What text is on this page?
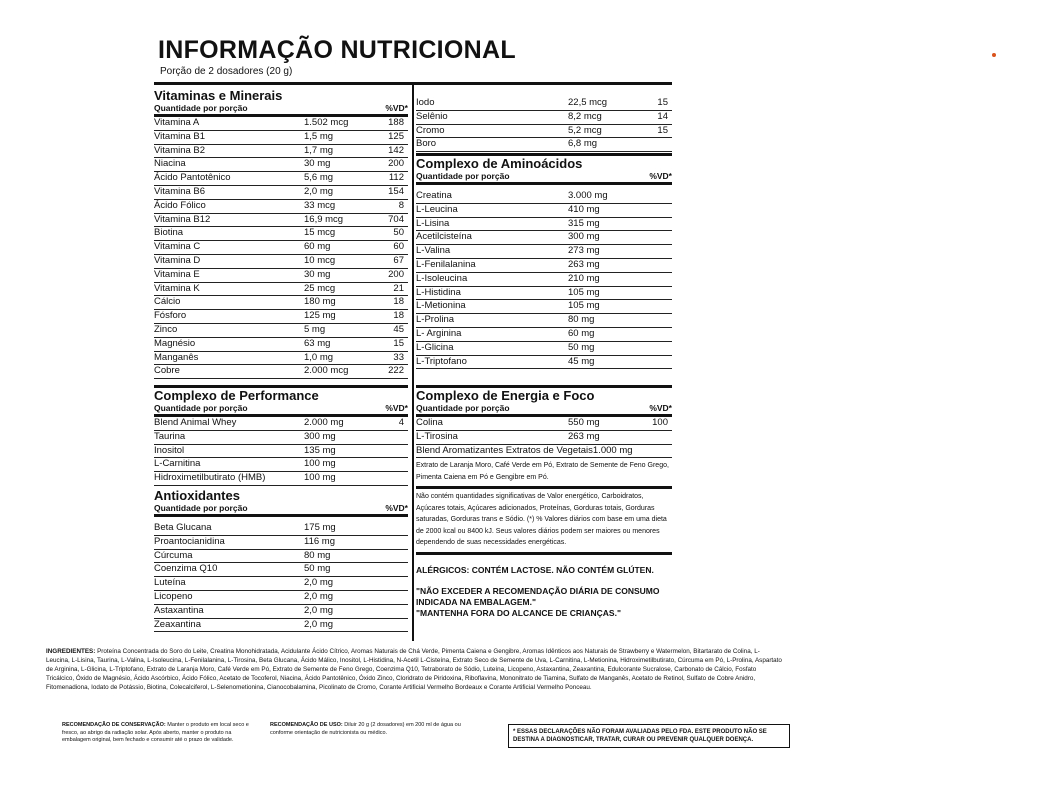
INFORMAÇÃO NUTRICIONAL
Porção de 2 dosadores (20 g)
Vitaminas e Minerais
Quantidade por porção	%VD*
Vitamina A	1.502 mcg	188
Vitamina B1	1,5 mg	125
Vitamina B2	1,7 mg	142
Niacina	30 mg	200
Ácido Pantotênico	5,6 mg	112
Vitamina B6	2,0 mg	154
Ácido Fólico	33 mcg	8
Vitamina B12	16,9 mcg	704
Biotina	15 mcg	50
Vitamina C	60 mg	60
Vitamina D	10 mcg	67
Vitamina E	30 mg	200
Vitamina K	25 mcg	21
Cálcio	180 mg	18
Fósforo	125 mg	18
Zinco	5 mg	45
Magnésio	63 mg	15
Manganês	1,0 mg	33
Cobre	2.000 mcg	222
Complexo de Performance
Quantidade por porção	%VD*
Blend Animal Whey	2.000 mg	4
Taurina	300 mg
Inositol	135 mg
L-Carnitina	100 mg
Hidroximetilbutirato (HMB)	100 mg
Antioxidantes
Quantidade por porção	%VD*
Beta Glucana	175 mg
Proantocianidina	116 mg
Cúrcuma	80 mg
Coenzima Q10	50 mg
Luteína	2,0 mg
Licopeno	2,0 mg
Astaxantina	2,0 mg
Zeaxantina	2,0 mg
Iodo	22,5 mcg	15
Selênio	8,2 mcg	14
Cromo	5,2 mcg	15
Boro	6,8 mg
Complexo de Aminoácidos
Quantidade por porção	%VD*
Creatina	3.000 mg
L-Leucina	410 mg
L-Lisina	315 mg
Acetilcisteína	300 mg
L-Valina	273 mg
L-Fenilalanina	263 mg
L-Isoleucina	210 mg
L-Histidina	105 mg
L-Metionina	105 mg
L-Prolina	80 mg
L- Arginina	60 mg
L-Glicina	50 mg
L-Triptofano	45 mg
Complexo de Energia e Foco
Quantidade por porção	%VD*
Colina	550 mg	100
L-Tirosina	263 mg
Blend Aromatizantes Extratos de Vegetais 1.000 mg
Extrato de Laranja Moro, Café Verde em Pó, Extrato de Semente de Feno Grego, Pimenta Caiena em Pó e Gengibre em Pó.
Não contém quantidades significativas de Valor energético, Carboidratos, Açúcares totais, Açúcares adicionados, Proteínas, Gorduras totais, Gorduras saturadas, Gorduras trans e Sódio. (*) % Valores diários com base em uma dieta de 2000 kcal ou 8400 kJ. Seus valores diários podem ser maiores ou menores dependendo de suas necessidades energéticas.
ALÉRGICOS: CONTÉM LACTOSE. NÃO CONTÉM GLÚTEN.
"NÃO EXCEDER A RECOMENDAÇÃO DIÁRIA DE CONSUMO INDICADA NA EMBALAGEM."
"MANTENHA FORA DO ALCANCE DE CRIANÇAS."
INGREDIENTES: Proteína Concentrada do Soro do Leite, Creatina Monohidratada, Acidulante Ácido Cítrico, Aromas Naturais de Chá Verde, Pimenta Caiena e Gengibre, Aromas Idênticos aos Naturais de Strawberry e Watermelon, Bitartarato de Colina, L-Leucina, L-Lisina, Taurina, L-Valina, L-Isoleucina, L-Fenilalanina, L-Tirosina, Beta Glucana, Ácido Málico, Inositol, L-Histidina, N-Acetil L-Cisteína, Extrato Seco de Semente de Uva, L-Carnitina, L-Metionina, Hidroximetilbutirato, Cúrcuma em Pó, L-Prolina, Aspartato de Arginina, L-Glicina, L-Triptofano, Extrato de Laranja Moro, Café Verde em Pó, Extrato de Semente de Feno Grego, Coenzima Q10, Tetraborato de Sódio, Luteína, Licopeno, Astaxantina, Zeaxantina, Edulcorante Sucralose, Carbonato de Cálcio, Fosfato Tricálcico, Óxido de Magnésio, Ácido Ascórbico, Ácido Fólico, Acetato de Tocoferol, Niacina, Ácido Pantotênico, Óxido Zinco, Cloridrato de Piridoxina, Riboflavina, Mononitrato de Tiamina, Sulfato de Manganês, Acetato de Retinol, Sulfato de Cobre Anidro, Fitomenadiona, Iodato de Potássio, Biotina, Colecalciferol, L-Selenometionina, Cianocobalamina, Picolinato de Cromo, Corante Artificial Vermelho Bordeaux e Corante Artificial Vermelho Ponceau.
RECOMENDAÇÃO DE CONSERVAÇÃO: Manter o produto em local seco e fresco, ao abrigo da radiação solar. Após aberto, manter o produto na embalagem original, bem fechado e consumir até o prazo de validade.
RECOMENDAÇÃO DE USO: Diluir 20 g (2 dosadores) em 200 ml de água ou conforme orientação de nutricionista ou médico.	* ESSAS DECLARAÇÕES NÃO FORAM AVALIADAS PELO FDA. ESTE PRODUTO NÃO SE DESTINA A DIAGNOSTICAR, TRATAR, CURAR OU PREVENIR QUALQUER DOENÇA.
